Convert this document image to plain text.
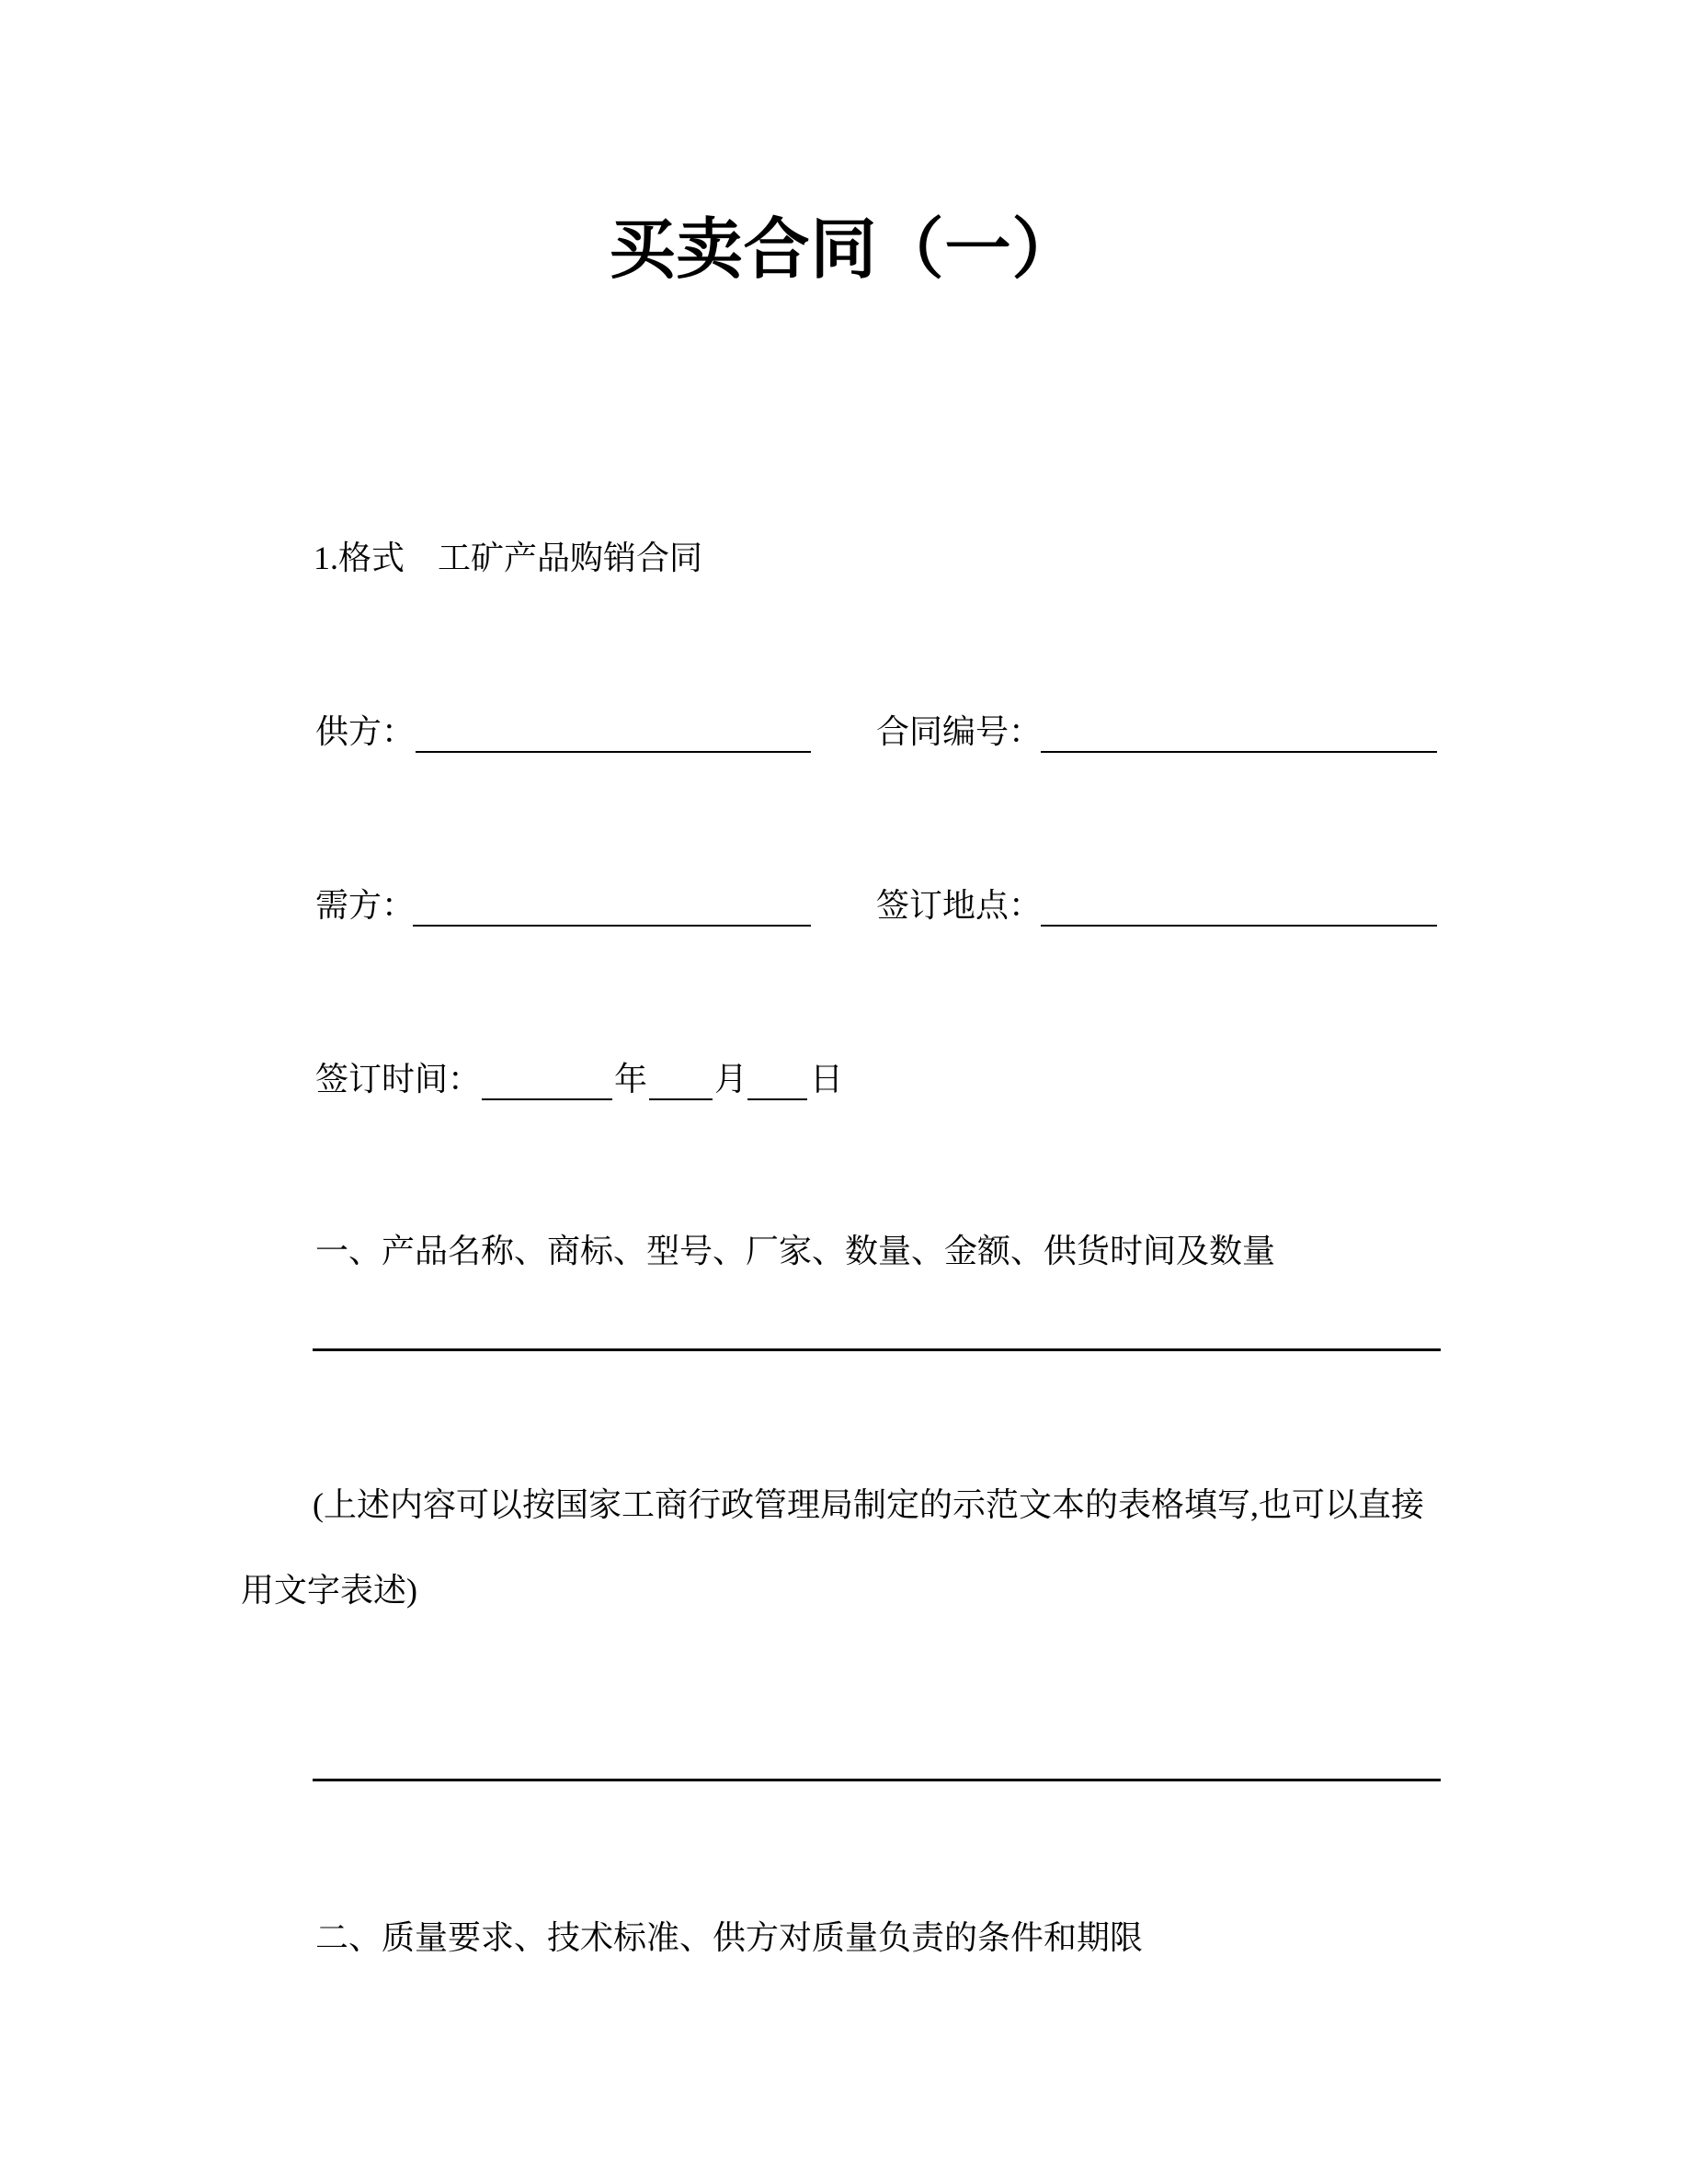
买卖合同（一）
1.格式　工矿产品购销合同
供方：	合同编号：
需方：	签订地点：
签订时间：	年 月 日
一、产品名称、商标、型号、厂家、数量、金额、供货时间及数量
(上述内容可以按国家工商行政管理局制定的示范文本的表格填写,也可以直接
用文字表述)
二、质量要求、技术标准、供方对质量负责的条件和期限
